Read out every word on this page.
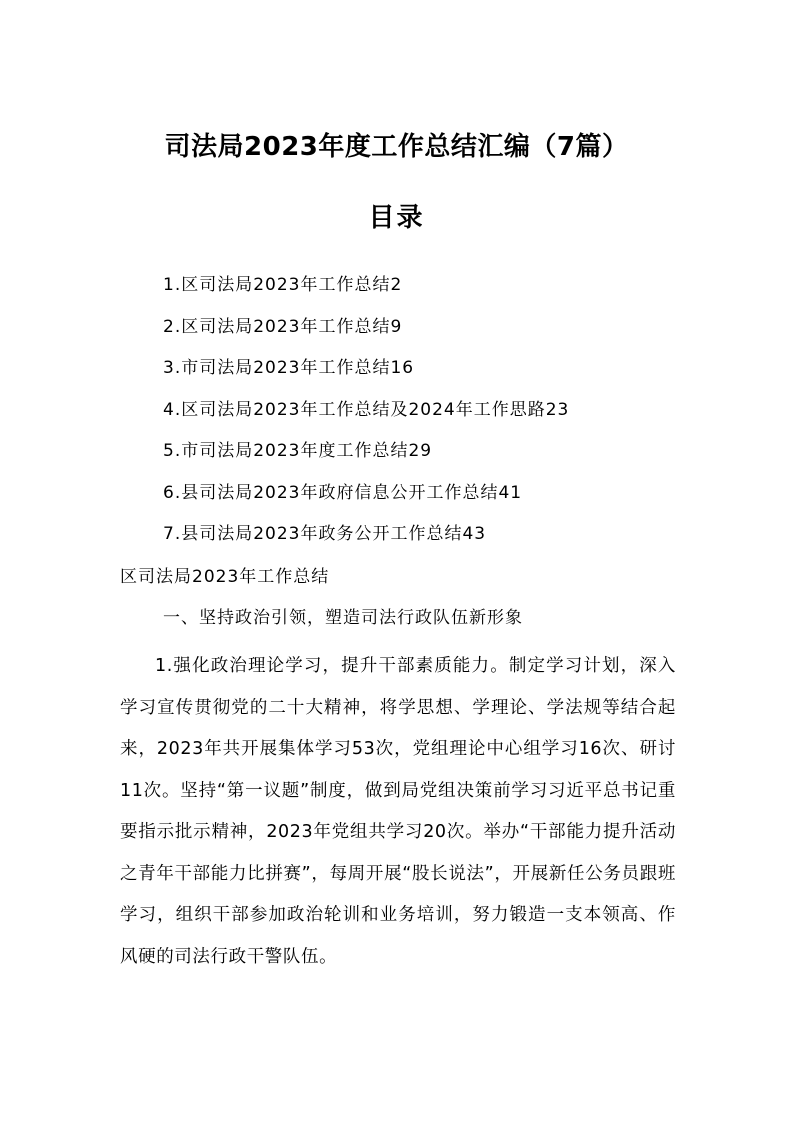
司法局2023年度工作总结汇编（7篇）
目录
1.区司法局2023年工作总结2
2.区司法局2023年工作总结9
3.市司法局2023年工作总结16
4.区司法局2023年工作总结及2024年工作思路23
5.市司法局2023年度工作总结29
6.县司法局2023年政府信息公开工作总结41
7.县司法局2023年政务公开工作总结43
区司法局2023年工作总结
一、坚持政治引领，塑造司法行政队伍新形象

1.强化政治理论学习，提升干部素质能力。制定学习计划，深入学习宣传贯彻党的二十大精神，将学思想、学理论、学法规等结合起来，2023年共开展集体学习53次，党组理论中心组学习16次、研讨11次。坚持“第一议题”制度，做到局党组决策前学习习近平总书记重要指示批示精神，2023年党组共学习20次。举办“干部能力提升活动之青年干部能力比拼赛”，每周开展“股长说法”，开展新任公务员跟班学习，组织干部参加政治轮训和业务培训，努力锻造一支本领高、作风硬的司法行政干警队伍。
